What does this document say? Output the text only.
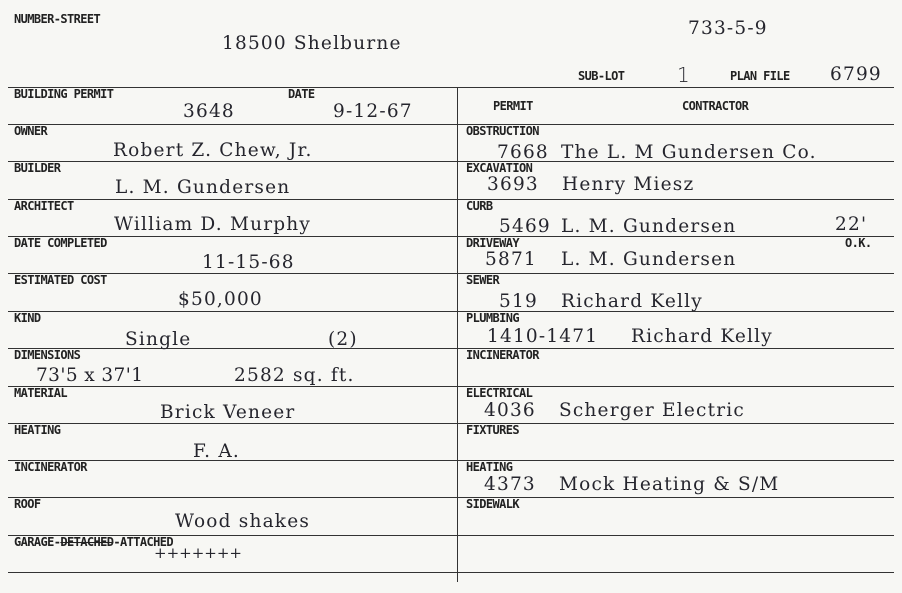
NUMBER-STREET
18500 Shelburne
733-5-9
SUB-LOT	1	PLAN FILE 6799
BUILDING PERMIT	DATE
3648	9-12-67
OWNER
Robert Z. Chew, Jr.
BUILDER
L. M. Gundersen
ARCHITECT
William D. Murphy
DATE COMPLETED
11-15-68
ESTIMATED COST
$50,000
KIND
Single	(2)
DIMENSIONS
73'5 x 37'1	2582 sq. ft.
MATERIAL
Brick Veneer
HEATING
F. A.
INCINERATOR
ROOF
Wood shakes
GARAGE-DETACHED-ATTACHED
+++++++
PERMIT	CONTRACTOR
OBSTRUCTION
7668 The L. M Gundersen Co.
EXCAVATION
3693 Henry Miesz
CURB
5469 L. M. Gundersen	22'
DRIVEWAY	O.K.
5871 L. M. Gundersen
SEWER
519 Richard Kelly
PLUMBING
1410-1471 Richard Kelly
INCINERATOR
ELECTRICAL
4036 Scherger Electric
FIXTURES
HEATING
4373 Mock Heating & S/M
SIDEWALK
